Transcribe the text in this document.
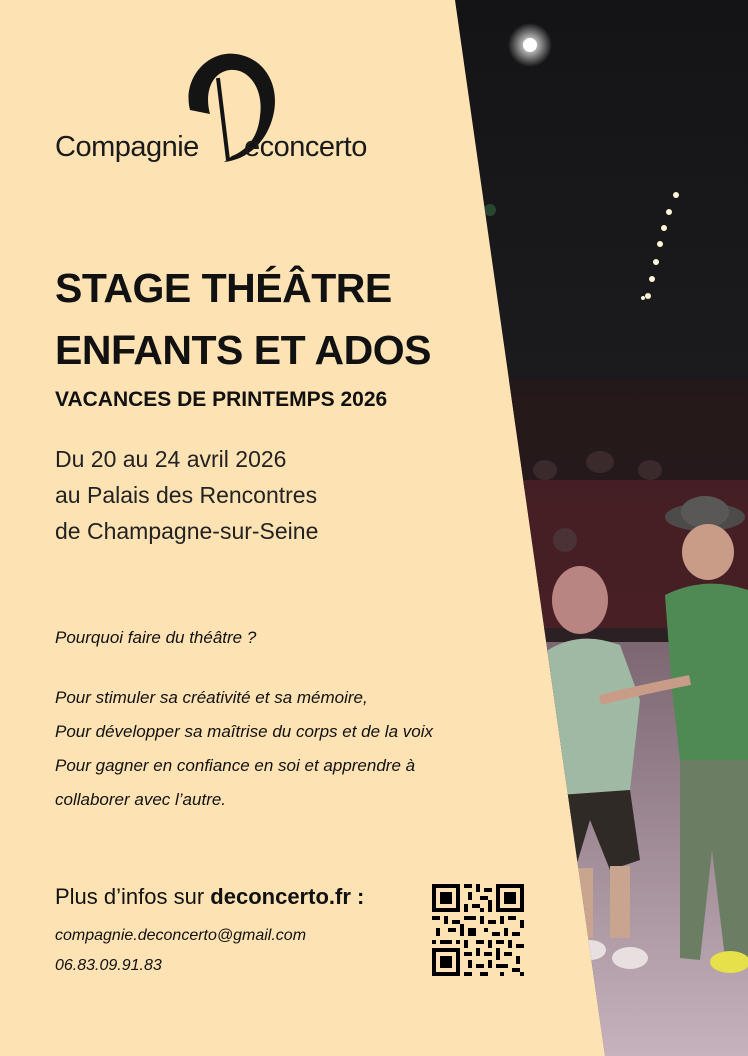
Compagnie econcerto
STAGE THÉÂTRE
ENFANTS ET ADOS
VACANCES DE PRINTEMPS 2026
Du 20 au 24 avril 2026
au Palais des Rencontres
de Champagne-sur-Seine
Pourquoi faire du théâtre ?
Pour stimuler sa créativité et sa mémoire,
Pour développer sa maîtrise du corps et de la voix
Pour gagner en confiance en soi et apprendre à
collaborer avec l’autre.
Plus d’infos sur deconcerto.fr :
compagnie.deconcerto@gmail.com
06.83.09.91.83
